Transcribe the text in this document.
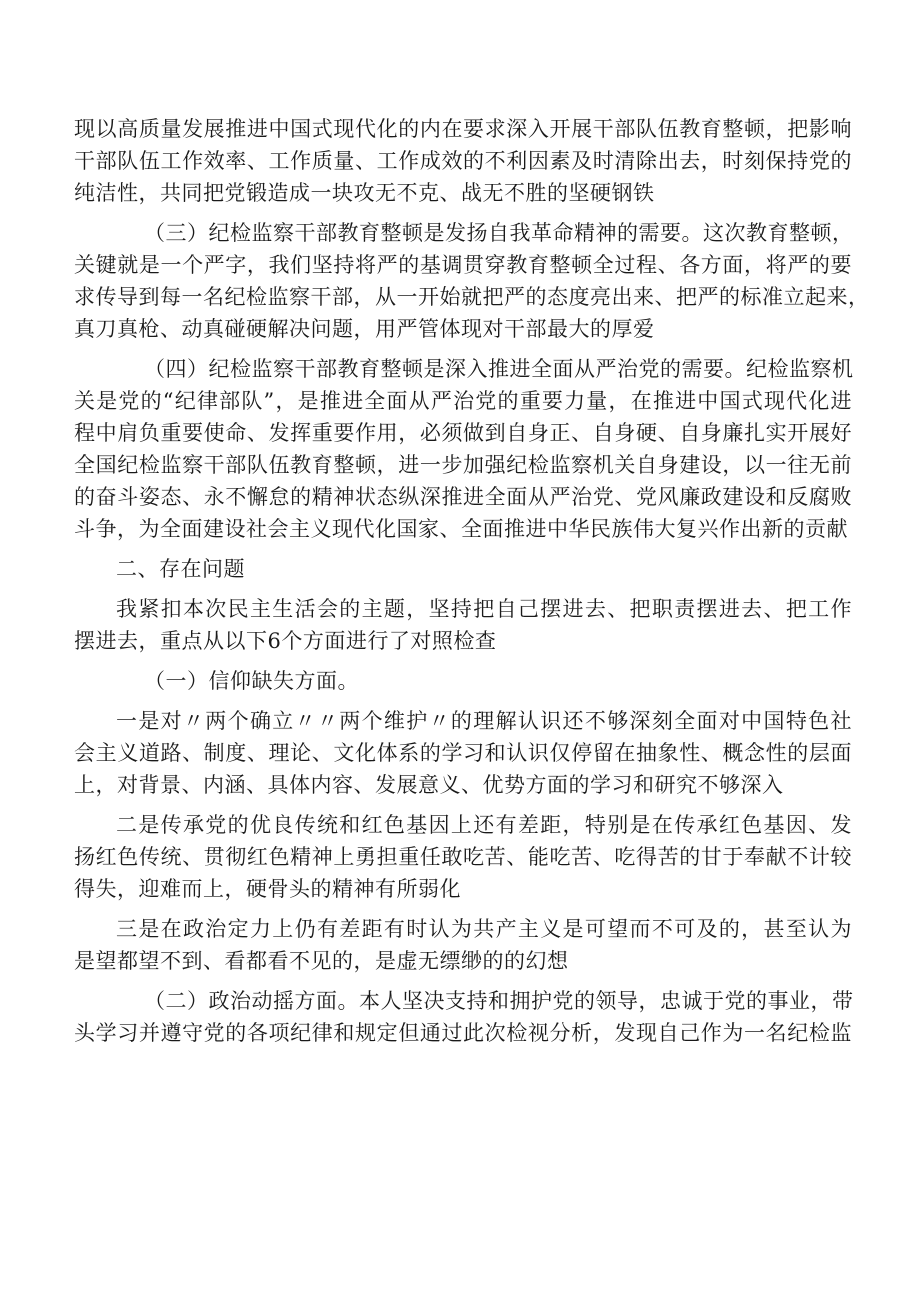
现以高质量发展推进中国式现代化的内在要求深入开展干部队伍教育整顿，把影响
干部队伍工作效率、工作质量、工作成效的不利因素及时清除出去，时刻保持党的
纯洁性，共同把党锻造成一块攻无不克、战无不胜的坚硬钢铁
（三）纪检监察干部教育整顿是发扬自我革命精神的需要。这次教育整顿，
关键就是一个严字，我们坚持将严的基调贯穿教育整顿全过程、各方面，将严的要
求传导到每一名纪检监察干部，从一开始就把严的态度亮出来、把严的标准立起来，
真刀真枪、动真碰硬解决问题，用严管体现对干部最大的厚爱
（四）纪检监察干部教育整顿是深入推进全面从严治党的需要。纪检监察机
关是党的“纪律部队”，是推进全面从严治党的重要力量，在推进中国式现代化进
程中肩负重要使命、发挥重要作用，必须做到自身正、自身硬、自身廉扎实开展好
全国纪检监察干部队伍教育整顿，进一步加强纪检监察机关自身建设，以一往无前
的奋斗姿态、永不懈怠的精神状态纵深推进全面从严治党、党风廉政建设和反腐败
斗争，为全面建设社会主义现代化国家、全面推进中华民族伟大复兴作出新的贡献
二、存在问题
我紧扣本次民主生活会的主题，坚持把自己摆进去、把职责摆进去、把工作
摆进去，重点从以下6个方面进行了对照检查
（一）信仰缺失方面。
一是对〃两个确立〃〃两个维护〃的理解认识还不够深刻全面对中国特色社
会主义道路、制度、理论、文化体系的学习和认识仅停留在抽象性、概念性的层面
上，对背景、内涵、具体内容、发展意义、优势方面的学习和研究不够深入
二是传承党的优良传统和红色基因上还有差距，特别是在传承红色基因、发
扬红色传统、贯彻红色精神上勇担重任敢吃苦、能吃苦、吃得苦的甘于奉献不计较
得失，迎难而上，硬骨头的精神有所弱化
三是在政治定力上仍有差距有时认为共产主义是可望而不可及的，甚至认为
是望都望不到、看都看不见的，是虚无缥缈的的幻想
（二）政治动摇方面。本人坚决支持和拥护党的领导，忠诚于党的事业，带
头学习并遵守党的各项纪律和规定但通过此次检视分析，发现自己作为一名纪检监
